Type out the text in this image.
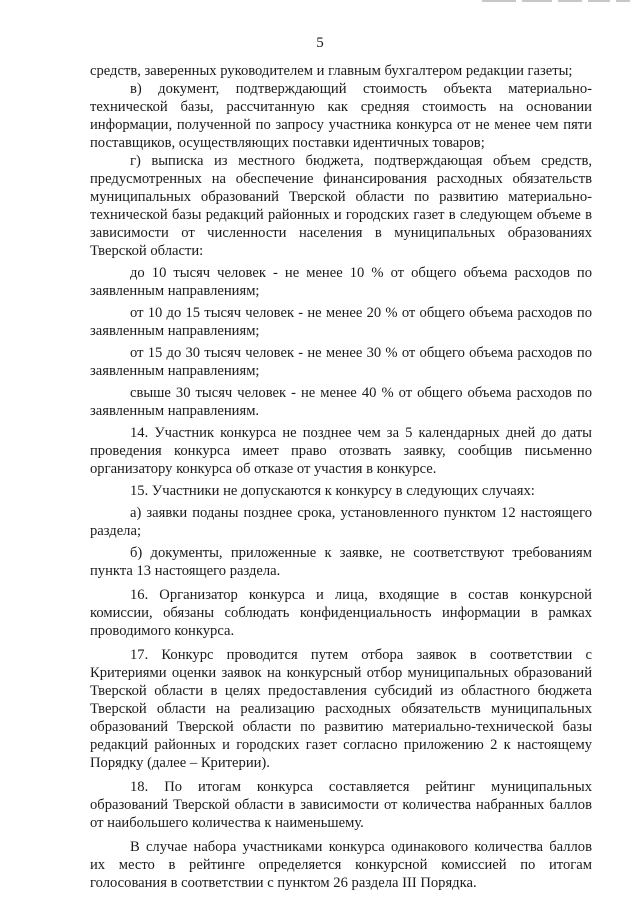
5

средств, заверенных руководителем и главным бухгалтером редакции газеты;

в) документ, подтверждающий стоимость объекта материально-технической базы, рассчитанную как средняя стоимость на основании информации, полученной по запросу участника конкурса от не менее чем пяти поставщиков, осуществляющих поставки идентичных товаров;

г) выписка из местного бюджета, подтверждающая объем средств, предусмотренных на обеспечение финансирования расходных обязательств муниципальных образований Тверской области по развитию материально-технической базы редакций районных и городских газет в следующем объеме в зависимости от численности населения в муниципальных образованиях Тверской области:

до 10 тысяч человек - не менее 10 % от общего объема расходов по заявленным направлениям;

от 10 до 15 тысяч человек - не менее 20 % от общего объема расходов по заявленным направлениям;

от 15 до 30 тысяч человек - не менее 30 % от общего объема расходов по заявленным направлениям;

свыше 30 тысяч человек - не менее 40 % от общего объема расходов по заявленным направлениям.

14. Участник конкурса не позднее чем за 5 календарных дней до даты проведения конкурса имеет право отозвать заявку, сообщив письменно организатору конкурса об отказе от участия в конкурсе.

15. Участники не допускаются к конкурсу в следующих случаях:

а) заявки поданы позднее срока, установленного пунктом 12 настоящего раздела;

б) документы, приложенные к заявке, не соответствуют требованиям пункта 13 настоящего раздела.

16. Организатор конкурса и лица, входящие в состав конкурсной комиссии, обязаны соблюдать конфиденциальность информации в рамках проводимого конкурса.

17. Конкурс проводится путем отбора заявок в соответствии с Критериями оценки заявок на конкурсный отбор муниципальных образований Тверской области в целях предоставления субсидий из областного бюджета Тверской области на реализацию расходных обязательств муниципальных образований Тверской области по развитию материально-технической базы редакций районных и городских газет согласно приложению 2 к настоящему Порядку (далее – Критерии).

18. По итогам конкурса составляется рейтинг муниципальных образований Тверской области в зависимости от количества набранных баллов от наибольшего количества к наименьшему.

В случае набора участниками конкурса одинакового количества баллов их место в рейтинге определяется конкурсной комиссией по итогам голосования в соответствии с пунктом 26 раздела III Порядка.
